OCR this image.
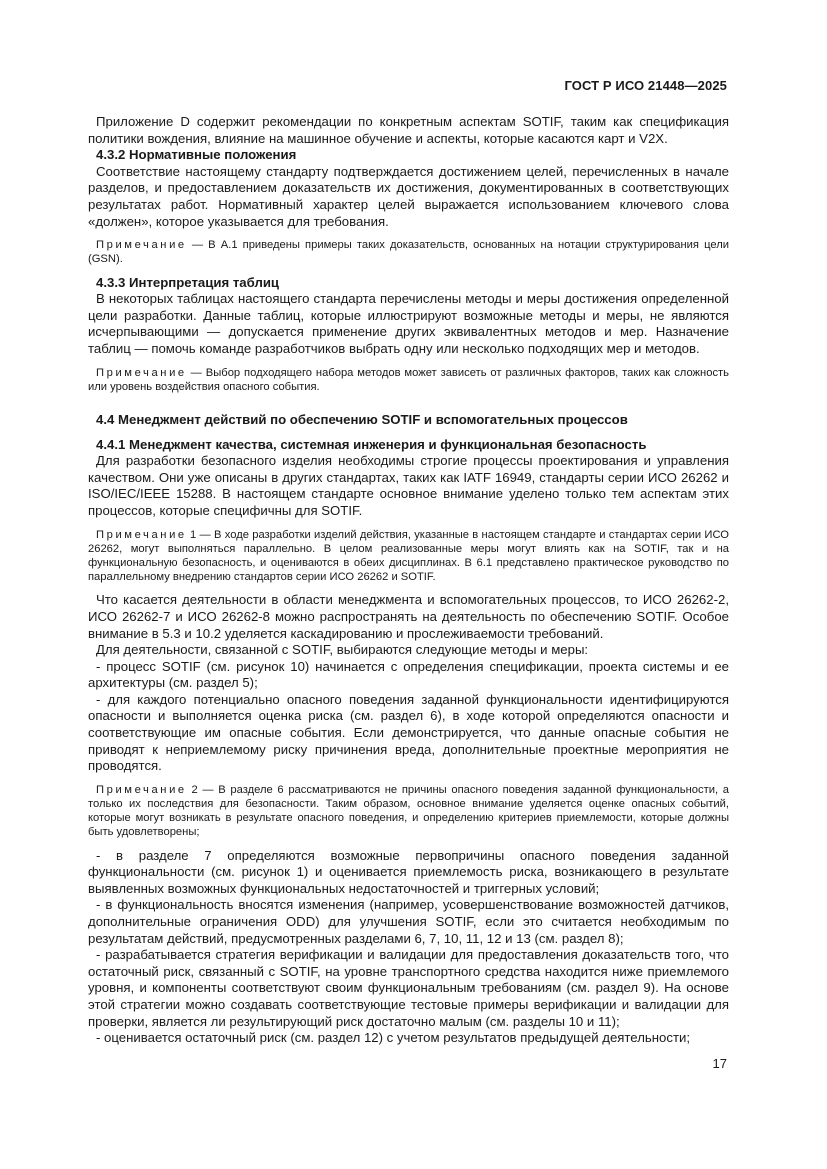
ГОСТ Р ИСО 21448—2025

Приложение D содержит рекомендации по конкретным аспектам SOTIF, таким как спецификация политики вождения, влияние на машинное обучение и аспекты, которые касаются карт и V2X.

4.3.2 Нормативные положения

Соответствие настоящему стандарту подтверждается достижением целей, перечисленных в начале разделов, и предоставлением доказательств их достижения, документированных в соответствующих результатах работ. Нормативный характер целей выражается использованием ключевого слова «должен», которое указывается для требования.

Примечание — В А.1 приведены примеры таких доказательств, основанных на нотации структурирования цели (GSN).

4.3.3 Интерпретация таблиц

В некоторых таблицах настоящего стандарта перечислены методы и меры достижения определенной цели разработки. Данные таблиц, которые иллюстрируют возможные методы и меры, не являются исчерпывающими — допускается применение других эквивалентных методов и мер. Назначение таблиц — помочь команде разработчиков выбрать одну или несколько подходящих мер и методов.

Примечание — Выбор подходящего набора методов может зависеть от различных факторов, таких как сложность или уровень воздействия опасного события.

4.4 Менеджмент действий по обеспечению SOTIF и вспомогательных процессов

4.4.1 Менеджмент качества, системная инженерия и функциональная безопасность

Для разработки безопасного изделия необходимы строгие процессы проектирования и управления качеством. Они уже описаны в других стандартах, таких как IATF 16949, стандарты серии ИСО 26262 и ISO/IEC/IEEE 15288. В настоящем стандарте основное внимание уделено только тем аспектам этих процессов, которые специфичны для SOTIF.

Примечание 1 — В ходе разработки изделий действия, указанные в настоящем стандарте и стандартах серии ИСО 26262, могут выполняться параллельно. В целом реализованные меры могут влиять как на SOTIF, так и на функциональную безопасность, и оцениваются в обеих дисциплинах. В 6.1 представлено практическое руководство по параллельному внедрению стандартов серии ИСО 26262 и SOTIF.

Что касается деятельности в области менеджмента и вспомогательных процессов, то ИСО 26262-2, ИСО 26262-7 и ИСО 26262-8 можно распространять на деятельность по обеспечению SOTIF. Особое внимание в 5.3 и 10.2 уделяется каскадированию и прослеживаемости требований.

Для деятельности, связанной с SOTIF, выбираются следующие методы и меры:

- процесс SOTIF (см. рисунок 10) начинается с определения спецификации, проекта системы и ее архитектуры (см. раздел 5);

- для каждого потенциально опасного поведения заданной функциональности идентифицируются опасности и выполняется оценка риска (см. раздел 6), в ходе которой определяются опасности и соответствующие им опасные события. Если демонстрируется, что данные опасные события не приводят к неприемлемому риску причинения вреда, дополнительные проектные мероприятия не проводятся.

Примечание 2 — В разделе 6 рассматриваются не причины опасного поведения заданной функциональности, а только их последствия для безопасности. Таким образом, основное внимание уделяется оценке опасных событий, которые могут возникать в результате опасного поведения, и определению критериев приемлемости, которые должны быть удовлетворены;

- в разделе 7 определяются возможные первопричины опасного поведения заданной функциональности (см. рисунок 1) и оценивается приемлемость риска, возникающего в результате выявленных возможных функциональных недостаточностей и триггерных условий;

- в функциональность вносятся изменения (например, усовершенствование возможностей датчиков, дополнительные ограничения ODD) для улучшения SOTIF, если это считается необходимым по результатам действий, предусмотренных разделами 6, 7, 10, 11, 12 и 13 (см. раздел 8);

- разрабатывается стратегия верификации и валидации для предоставления доказательств того, что остаточный риск, связанный с SOTIF, на уровне транспортного средства находится ниже приемлемого уровня, и компоненты соответствуют своим функциональным требованиям (см. раздел 9). На основе этой стратегии можно создавать соответствующие тестовые примеры верификации и валидации для проверки, является ли результирующий риск достаточно малым (см. разделы 10 и 11);

- оценивается остаточный риск (см. раздел 12) с учетом результатов предыдущей деятельности;

17
